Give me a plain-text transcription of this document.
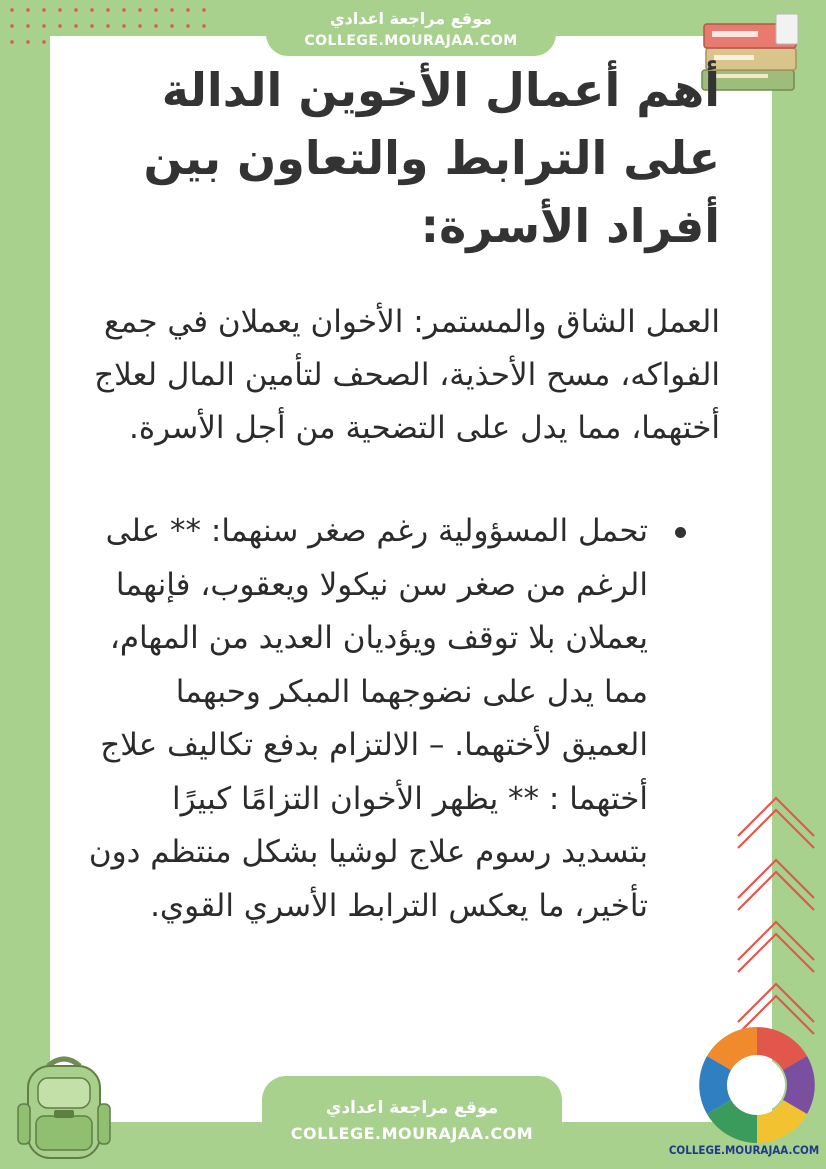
موقع مراجعة اعدادي
COLLEGE.MOURAJAA.COM
أهم أعمال الأخوين الدالة على الترابط والتعاون بين أفراد الأسرة:

العمل الشاق والمستمر: الأخوان يعملان في جمع الفواكه، مسح الأحذية، الصحف لتأمين المال لعلاج أختهما، مما يدل على التضحية من أجل الأسرة.

تحمل المسؤولية رغم صغر سنهما: ** على الرغم من صغر سن نيكولا ويعقوب، فإنهما يعملان بلا توقف ويؤديان العديد من المهام، مما يدل على نضوجهما المبكر وحبهما العميق لأختهما. – الالتزام بدفع تكاليف علاج أختهما : ** يظهر الأخوان التزامًا كبيرًا بتسديد رسوم علاج لوشيا بشكل منتظم دون تأخير، ما يعكس الترابط الأسري القوي.
موقع مراجعة اعدادي
COLLEGE.MOURAJAA.COM
COLLEGE.MOURAJAA.COM
